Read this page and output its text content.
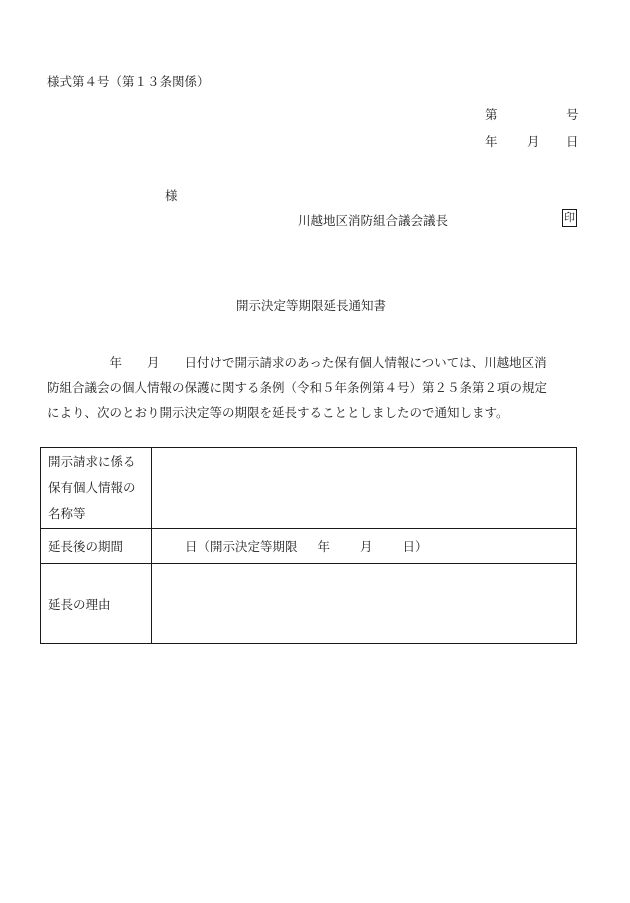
様式第４号（第１３条関係）
第	号
年 月 日
様
川越地区消防組合議会議長	印
開示決定等期限延長通知書
　　　　　年　　月　　日付けで開示請求のあった保有個人情報については、川越地区消
防組合議会の個人情報の保護に関する条例（令和５年条例第４号）第２５条第２項の規定
により、次のとおり開示決定等の期限を延長することとしましたので通知します。
開示請求に係る
保有個人情報の
名称等	

延長後の期間	日（開示決定等期限 年 月 日）
延長の理由	
